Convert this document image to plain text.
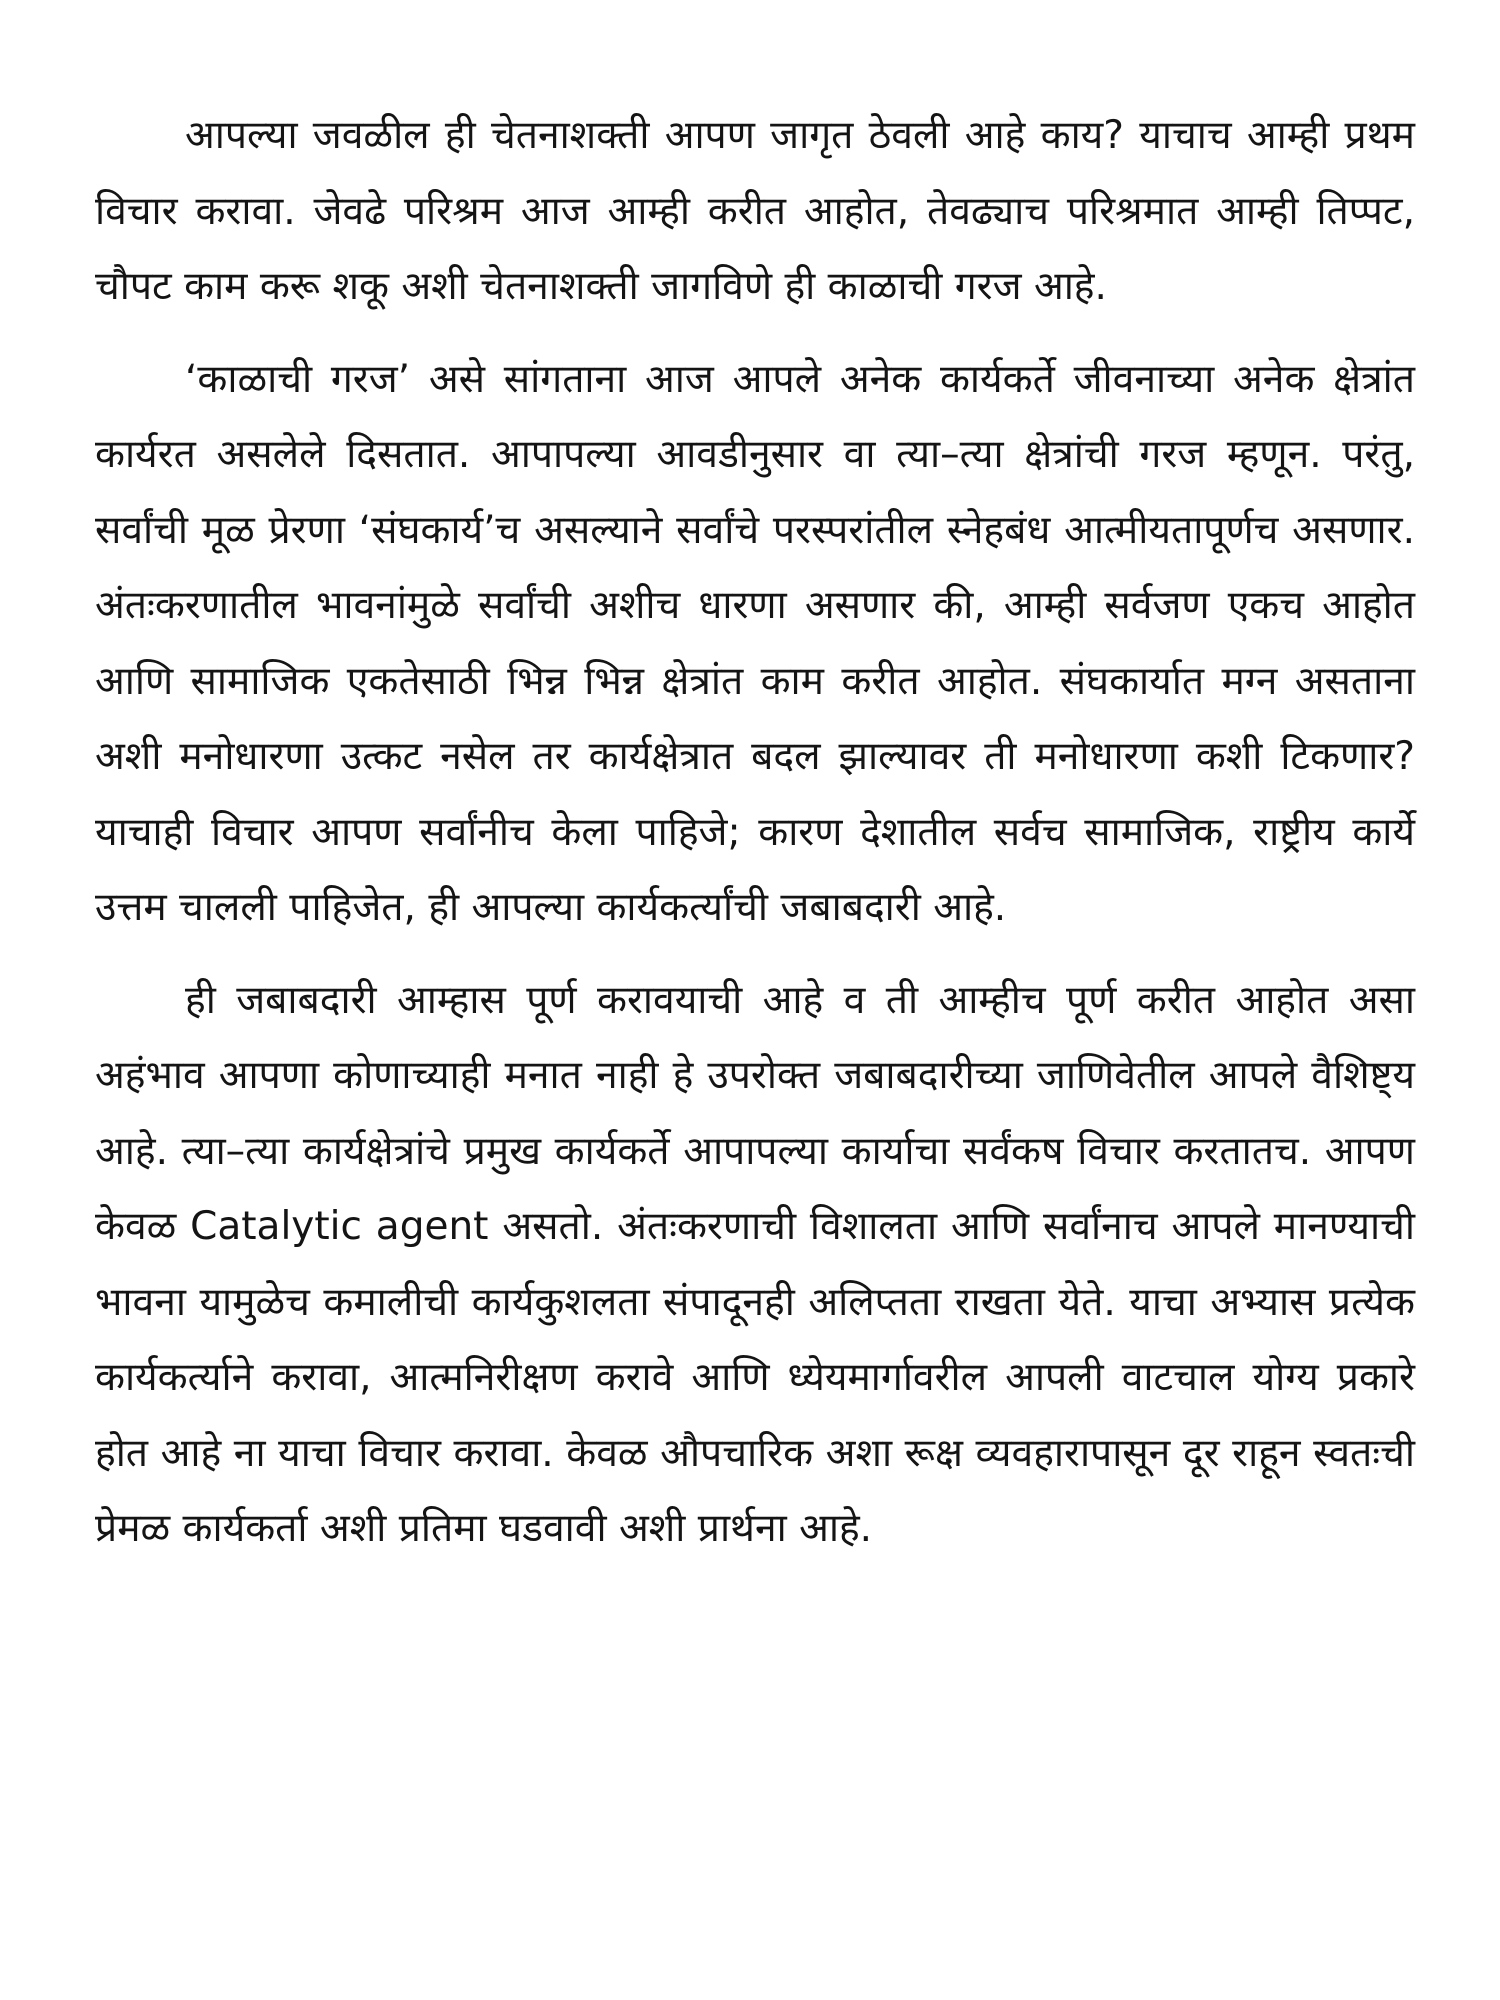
आपल्या जवळील ही चेतनाशक्ती आपण जागृत ठेवली आहे काय? याचाच आम्ही प्रथम विचार करावा. जेवढे परिश्रम आज आम्ही करीत आहोत, तेवढ्याच परिश्रमात आम्ही तिप्पट, चौपट काम करू शकू अशी चेतनाशक्ती जागविणे ही काळाची गरज आहे.

‘काळाची गरज’ असे सांगताना आज आपले अनेक कार्यकर्ते जीवनाच्या अनेक क्षेत्रांत कार्यरत असलेले दिसतात. आपापल्या आवडीनुसार वा त्या–त्या क्षेत्रांची गरज म्हणून. परंतु, सर्वांची मूळ प्रेरणा ‘संघकार्य’च असल्याने सर्वांचे परस्परांतील स्नेहबंध आत्मीयतापूर्णच असणार. अंतःकरणातील भावनांमुळे सर्वांची अशीच धारणा असणार की, आम्ही सर्वजण एकच आहोत आणि सामाजिक एकतेसाठी भिन्न भिन्न क्षेत्रांत काम करीत आहोत. संघकार्यात मग्न असताना अशी मनोधारणा उत्कट नसेल तर कार्यक्षेत्रात बदल झाल्यावर ती मनोधारणा कशी टिकणार? याचाही विचार आपण सर्वांनीच केला पाहिजे; कारण देशातील सर्वच सामाजिक, राष्ट्रीय कार्ये उत्तम चालली पाहिजेत, ही आपल्या कार्यकर्त्यांची जबाबदारी आहे.

ही जबाबदारी आम्हास पूर्ण करावयाची आहे व ती आम्हीच पूर्ण करीत आहोत असा अहंभाव आपणा कोणाच्याही मनात नाही हे उपरोक्त जबाबदारीच्या जाणिवेतील आपले वैशिष्ट्य आहे. त्या–त्या कार्यक्षेत्रांचे प्रमुख कार्यकर्ते आपापल्या कार्याचा सर्वंकष विचार करतातच. आपण केवळ Catalytic agent असतो. अंतःकरणाची विशालता आणि सर्वांनाच आपले मानण्याची भावना यामुळेच कमालीची कार्यकुशलता संपादूनही अलिप्तता राखता येते. याचा अभ्यास प्रत्येक कार्यकर्त्याने करावा, आत्मनिरीक्षण करावे आणि ध्येयमार्गावरील आपली वाटचाल योग्य प्रकारे होत आहे ना याचा विचार करावा. केवळ औपचारिक अशा रूक्ष व्यवहारापासून दूर राहून स्वतःची प्रेमळ कार्यकर्ता अशी प्रतिमा घडवावी अशी प्रार्थना आहे.
